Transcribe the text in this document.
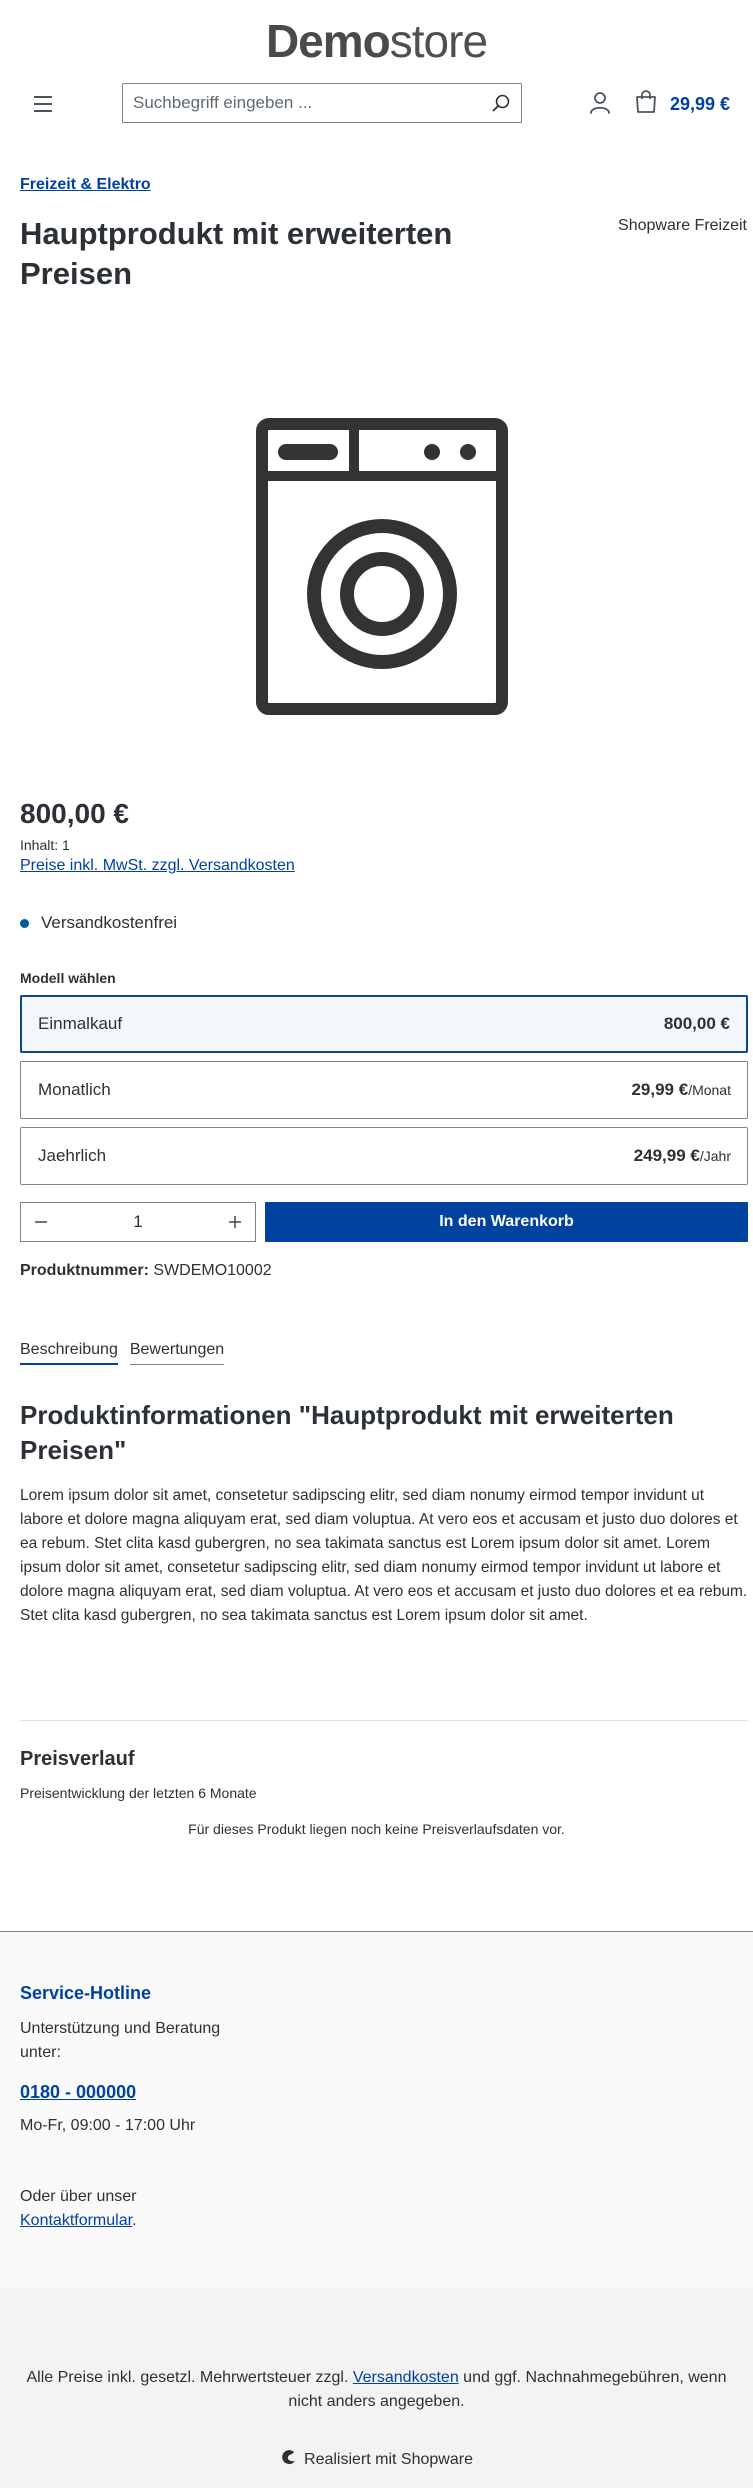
Demostore
Suchbegriff eingeben ...
29,99 €
Freizeit & Elektro
Hauptprodukt mit erweiterten Preisen
Shopware Freizeit
800,00 €
Inhalt: 1
Preise inkl. MwSt. zzgl. Versandkosten
Versandkostenfrei
Modell wählen
Einmalkauf	800,00 €
Monatlich	29,99 €/Monat
Jaehrlich	249,99 €/Jahr
1	In den Warenkorb
Produktnummer: SWDEMO10002
Beschreibung Bewertungen
Produktinformationen "Hauptprodukt mit erweiterten Preisen"

Lorem ipsum dolor sit amet, consetetur sadipscing elitr, sed diam nonumy eirmod tempor invidunt ut labore et dolore magna aliquyam erat, sed diam voluptua. At vero eos et accusam et justo duo dolores et ea rebum. Stet clita kasd gubergren, no sea takimata sanctus est Lorem ipsum dolor sit amet. Lorem ipsum dolor sit amet, consetetur sadipscing elitr, sed diam nonumy eirmod tempor invidunt ut labore et dolore magna aliquyam erat, sed diam voluptua. At vero eos et accusam et justo duo dolores et ea rebum. Stet clita kasd gubergren, no sea takimata sanctus est Lorem ipsum dolor sit amet.

Preisverlauf
Preisentwicklung der letzten 6 Monate
Für dieses Produkt liegen noch keine Preisverlaufsdaten vor.
Service-Hotline
Unterstützung und Beratung unter:
0180 - 000000
Mo-Fr, 09:00 - 17:00 Uhr
Oder über unser
Kontaktformular.
Alle Preise inkl. gesetzl. Mehrwertsteuer zzgl. Versandkosten und ggf. Nachnahmegebühren, wenn nicht anders angegeben.
Realisiert mit Shopware
